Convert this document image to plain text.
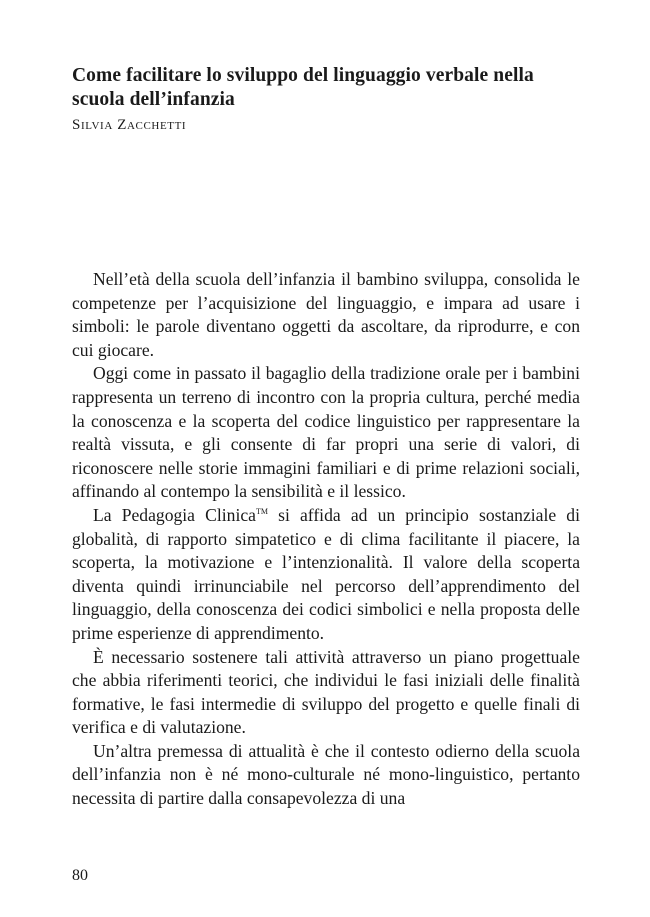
Come facilitare lo sviluppo del linguaggio verbale nella scuola dell’infanzia
Silvia Zacchetti

Nell’età della scuola dell’infanzia il bambino sviluppa, consolida le competenze per l’acquisizione del linguaggio, e impara ad usare i simboli: le parole diventano oggetti da ascoltare, da riprodurre, e con cui giocare.

Oggi come in passato il bagaglio della tradizione orale per i bambini rappresenta un terreno di incontro con la propria cultura, perché media la conoscenza e la scoperta del codice linguistico per rappresentare la realtà vissuta, e gli consente di far propri una serie di valori, di riconoscere nelle storie immagini familiari e di prime relazioni sociali, affinando al contempo la sensibilità e il lessico.

La Pedagogia Clinica™ si affida ad un principio sostanziale di globalità, di rapporto simpatetico e di clima facilitante il piacere, la scoperta, la motivazione e l’intenzionalità. Il valore della scoperta diventa quindi irrinunciabile nel percorso dell’apprendimento del linguaggio, della conoscenza dei codici simbolici e nella proposta delle prime esperienze di apprendimento.

È necessario sostenere tali attività attraverso un piano progettuale che abbia riferimenti teorici, che individui le fasi iniziali delle finalità formative, le fasi intermedie di sviluppo del progetto e quelle finali di verifica e di valutazione.

Un’altra premessa di attualità è che il contesto odierno della scuola dell’infanzia non è né mono-culturale né mono-linguistico, pertanto necessita di partire dalla consapevolezza di una

80
